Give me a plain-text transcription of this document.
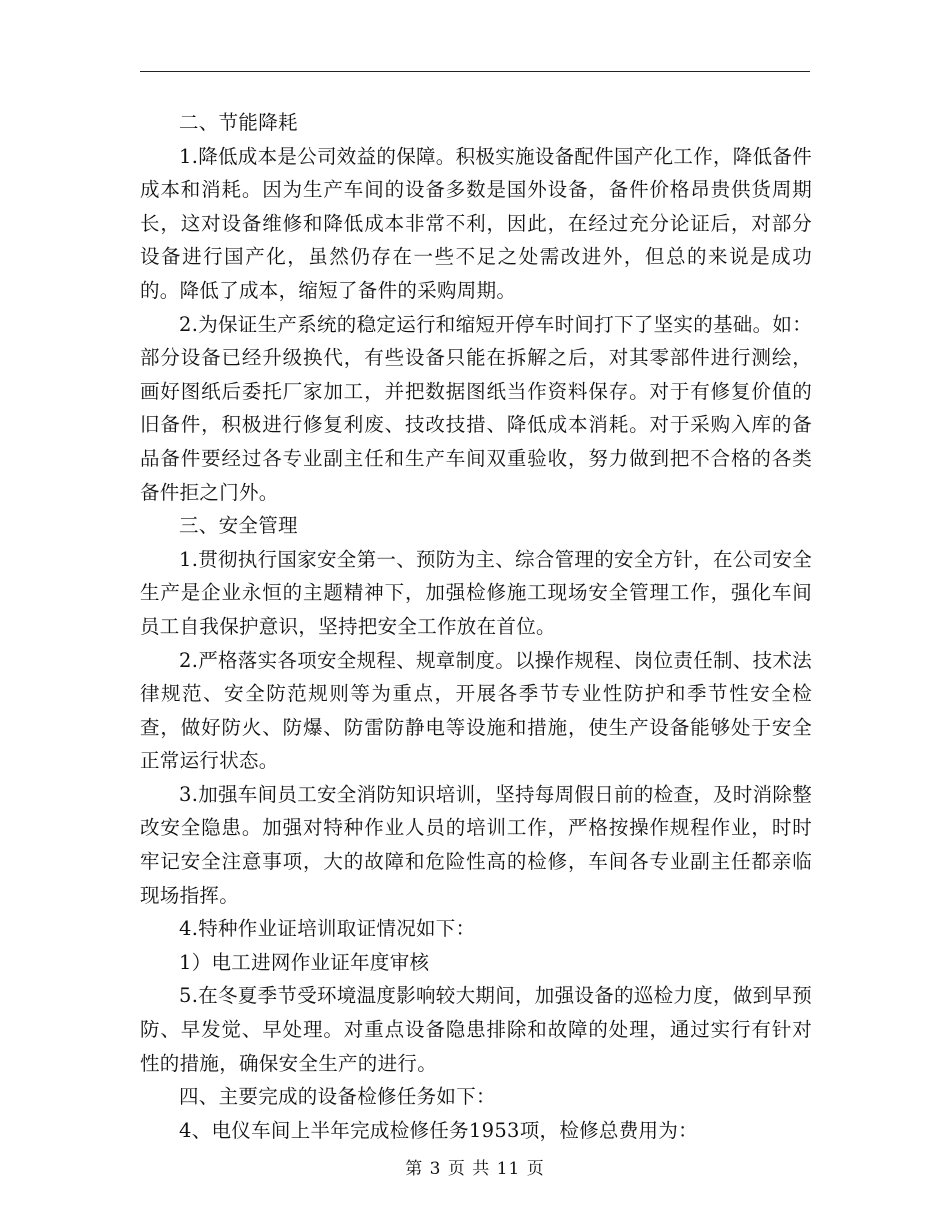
二、节能降耗

1.降低成本是公司效益的保障。积极实施设备配件国产化工作，降低备件成本和消耗。因为生产车间的设备多数是国外设备，备件价格昂贵供货周期长，这对设备维修和降低成本非常不利，因此，在经过充分论证后，对部分设备进行国产化，虽然仍存在一些不足之处需改进外，但总的来说是成功的。降低了成本，缩短了备件的采购周期。

2.为保证生产系统的稳定运行和缩短开停车时间打下了坚实的基础。如：部分设备已经升级换代，有些设备只能在拆解之后，对其零部件进行测绘，画好图纸后委托厂家加工，并把数据图纸当作资料保存。对于有修复价值的旧备件，积极进行修复利废、技改技措、降低成本消耗。对于采购入库的备品备件要经过各专业副主任和生产车间双重验收，努力做到把不合格的各类备件拒之门外。

三、安全管理

1.贯彻执行国家安全第一、预防为主、综合管理的安全方针，在公司安全生产是企业永恒的主题精神下，加强检修施工现场安全管理工作，强化车间员工自我保护意识，坚持把安全工作放在首位。

2.严格落实各项安全规程、规章制度。以操作规程、岗位责任制、技术法律规范、安全防范规则等为重点，开展各季节专业性防护和季节性安全检查，做好防火、防爆、防雷防静电等设施和措施，使生产设备能够处于安全正常运行状态。

3.加强车间员工安全消防知识培训，坚持每周假日前的检查，及时消除整改安全隐患。加强对特种作业人员的培训工作，严格按操作规程作业，时时牢记安全注意事项，大的故障和危险性高的检修，车间各专业副主任都亲临现场指挥。

4.特种作业证培训取证情况如下：

1）电工进网作业证年度审核

5.在冬夏季节受环境温度影响较大期间，加强设备的巡检力度，做到早预防、早发觉、早处理。对重点设备隐患排除和故障的处理，通过实行有针对性的措施，确保安全生产的进行。

四、主要完成的设备检修任务如下：

4、电仪车间上半年完成检修任务1953项，检修总费用为：

第 3 页 共 11 页
